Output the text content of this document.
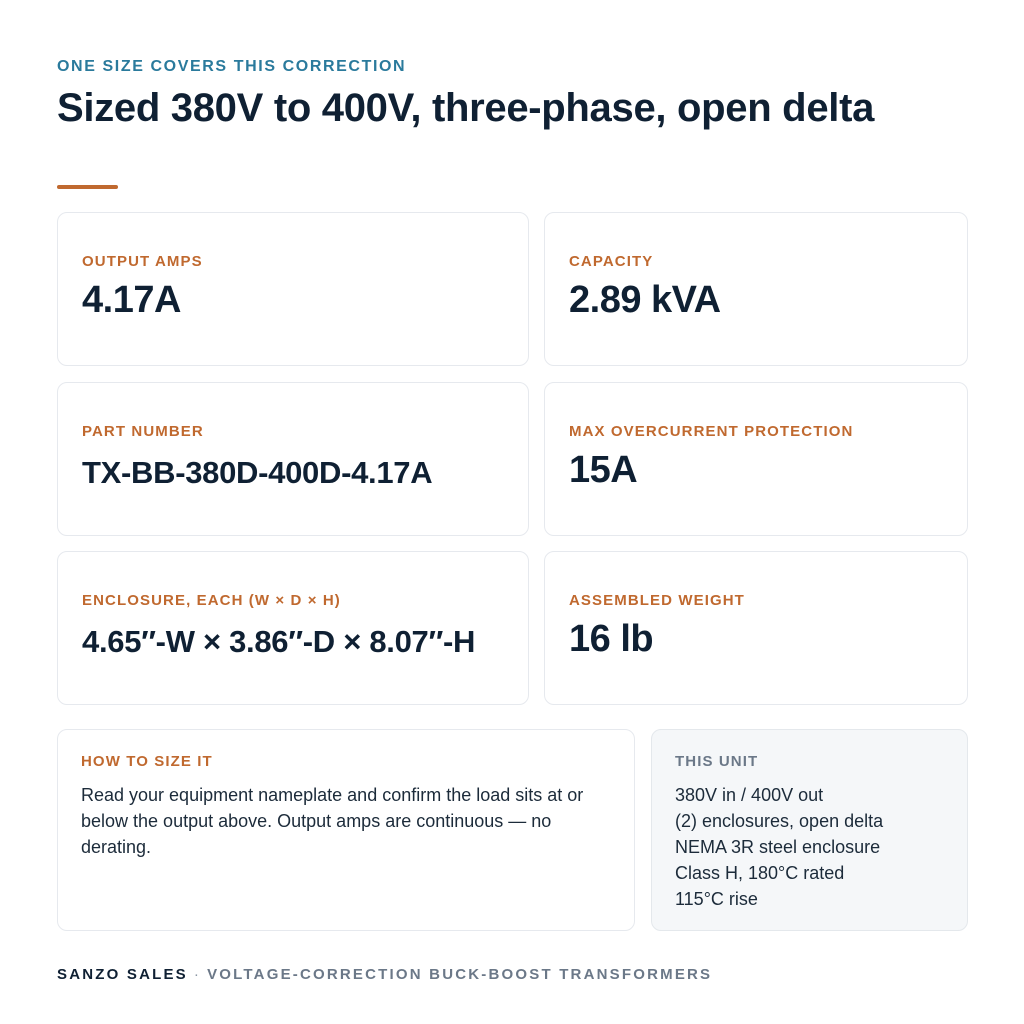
ONE SIZE COVERS THIS CORRECTION
Sized 380V to 400V, three-phase, open delta
OUTPUT AMPS
4.17A
CAPACITY
2.89 kVA
PART NUMBER
TX-BB-380D-400D-4.17A
MAX OVERCURRENT PROTECTION
15A
ENCLOSURE, EACH (W × D × H)
4.65″-W × 3.86″-D × 8.07″-H
ASSEMBLED WEIGHT
16 lb
HOW TO SIZE IT
Read your equipment nameplate and confirm the load sits at or below the output above. Output amps are continuous — no derating.
THIS UNIT
380V in / 400V out
(2) enclosures, open delta
NEMA 3R steel enclosure
Class H, 180°C rated
115°C rise
SANZO SALES · VOLTAGE-CORRECTION BUCK-BOOST TRANSFORMERS
